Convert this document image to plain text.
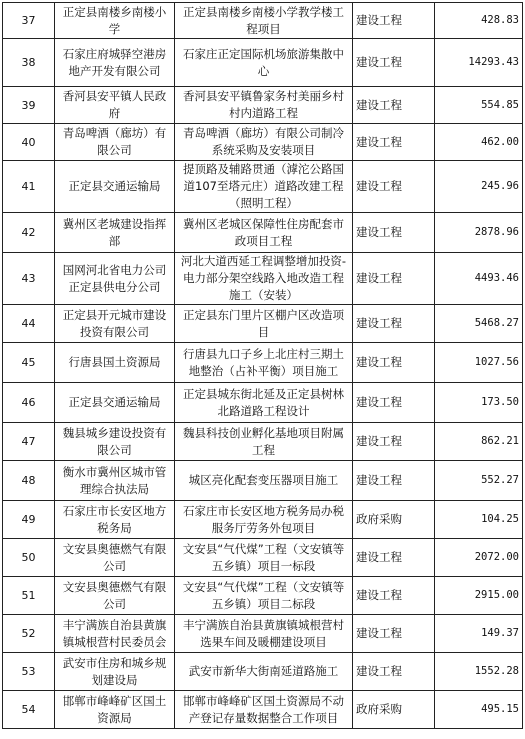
37	正定县南楼乡南楼小学	正定县南楼乡南楼小学教学楼工程项目	建设工程	428.83
38	石家庄府城驿空港房地产开发有限公司	石家庄正定国际机场旅游集散中心	建设工程	14293.43
39	香河县安平镇人民政府	香河县安平镇鲁家务村美丽乡村村内道路工程	建设工程	554.85
40	青岛啤酒（廊坊）有限公司	青岛啤酒（廊坊）有限公司制冷系统采购及安装项目	建设工程	462.00
41	正定县交通运输局	提顶路及辅路贯通（滹沱公路国道107至塔元庄）道路改建工程（照明工程）	建设工程	245.96
42	冀州区老城建设指挥部	冀州区老城区保障性住房配套市政项目工程	建设工程	2878.96
43	国网河北省电力公司正定县供电分公司	河北大道西延工程调整增加投资-电力部分架空线路入地改造工程施工（安装）	建设工程	4493.46
44	正定县开元城市建设投资有限公司	正定县东门里片区棚户区改造项目	建设工程	5468.27
45	行唐县国土资源局	行唐县九口子乡上北庄村三期土地整治（占补平衡）项目施工	建设工程	1027.56
46	正定县交通运输局	正定县城东街北延及正定县树林北路道路工程设计	建设工程	173.50
47	魏县城乡建设投资有限公司	魏县科技创业孵化基地项目附属工程	建设工程	862.21
48	衡水市冀州区城市管理综合执法局	城区亮化配套变压器项目施工	建设工程	552.27
49	石家庄市长安区地方税务局	石家庄市长安区地方税务局办税服务厅劳务外包项目	政府采购	104.25
50	文安县奥德燃气有限公司	文安县“气代煤”工程（文安镇等五乡镇）项目一标段	建设工程	2072.00
51	文安县奥德燃气有限公司	文安县“气代煤”工程（文安镇等五乡镇）项目二标段	建设工程	2915.00
52	丰宁满族自治县黄旗镇城根营村民委员会	丰宁满族自治县黄旗镇城根营村选果车间及暖棚建设项目	建设工程	149.37
53	武安市住房和城乡规划建设局	武安市新华大街南延道路施工	建设工程	1552.28
54	邯郸市峰峰矿区国土资源局	邯郸市峰峰矿区国土资源局不动产登记存量数据整合工作项目	政府采购	495.15
